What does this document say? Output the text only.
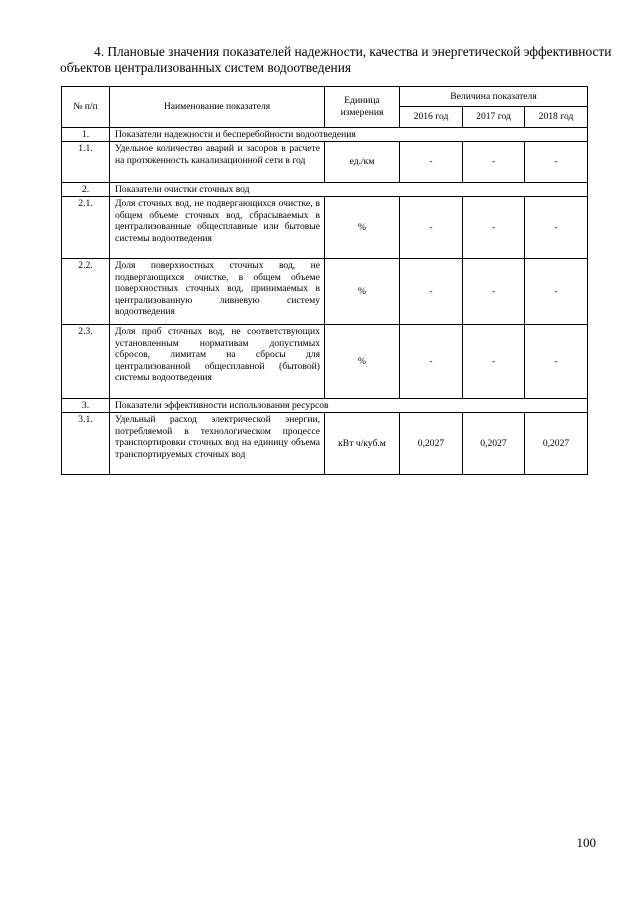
4. Плановые значения показателей надежности, качества и энергетической эффективности
объектов централизованных систем водоотведения
№ п/п	Наименование показателя	Единица измерения	Величина показателя		
			2016 год	2017 год	2018 год
1.	Показатели надежности и бесперебойности водоотведения				
1.1.	Удельное количество аварий и засоров в расчете на протяженность канализационной сети в год	ед./км	-	-	-
2.	Показатели очистки сточных вод				
2.1.	Доля сточных вод, не подвергающихся очистке, в общем объеме сточных вод, сбрасываемых в централизованные общесплавные или бытовые системы водоотведения	%	-	-	-
2.2.	Доля поверхностных сточных вод, не подвергающихся очистке, в общем объеме поверхностных сточных вод, принимаемых в централизованную ливневую систему водоотведения	%	-	-	-
2.3.	Доля проб сточных вод, не соответствующих установленным нормативам допустимых сбросов, лимитам на сбросы для централизованной общесплавной (бытовой) системы водоотведения	%	-	-	-
3.	Показатели эффективности использования ресурсов				
3.1.	Удельный расход электрической энергии, потребляемой в технологическом процессе транспортировки сточных вод на единицу объема транспортируемых сточных вод	кВт ч/куб.м	0,2027	0,2027	0,2027
100
